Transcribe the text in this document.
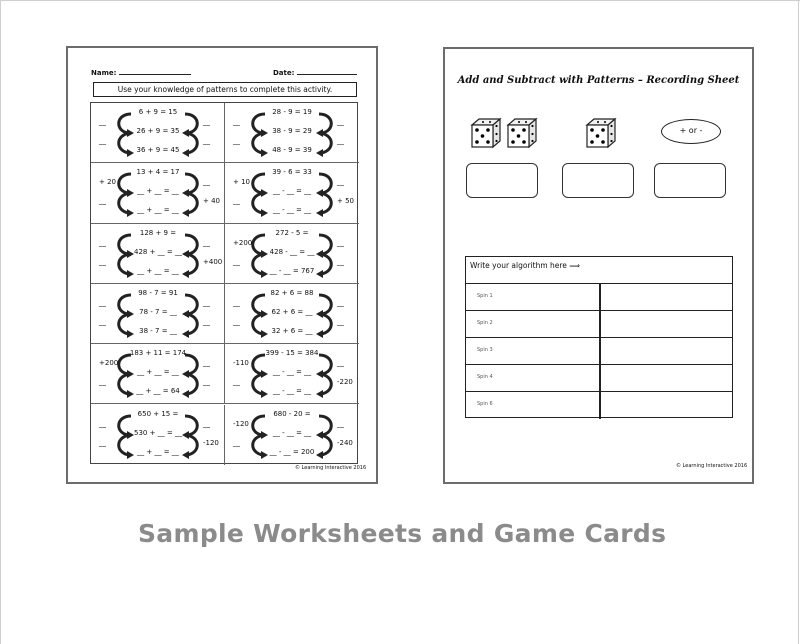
Name:	Date:
Use your knowledge of patterns to complete this activity.
6 + 9 = 15
26 + 9 = 35
36 + 9 = 45
__
__
__
__
28 - 9 = 19
38 - 9 = 29
48 - 9 = 39
__
__
__
__
13 + 4 = 17
__ + __ = __
__ + __ = __
+ 20
__
__
+ 40
39 - 6 = 33
__ - __ = __
__ - __ = __
+ 10
__
__
+ 50
128 + 9 =
428 + __ = __
__ + __ = __
__
__
__
+400
272 - 5 =
428 - __ = __
__ - __ = 767
+200
__
__
__
98 - 7 = 91
78 - 7 = __
38 - 7 = __
__
__
__
__
82 + 6 = 88
62 + 6 = __
32 + 6 = __
__
__
__
__
183 + 11 = 174
__ + __ = __
__ + __ = 64
+200
__
__
__
399 - 15 = 384
__ - __ = __
__ - __ = __
-110
__
__
-220
650 + 15 =
530 + __ = __
__ + __ = __
__
__
__
-120
680 - 20 =
__ - __ = __
__ - __ = 200
-120
__
__
-240
© Learning Interactive 2016
Add and Subtract with Patterns – Recording Sheet
+ or -
Write your algorithm here ⟹
Spin 1
Spin 2
Spin 3
Spin 4
Spin 6
© Learning Interactive 2016
Sample Worksheets and Game Cards
